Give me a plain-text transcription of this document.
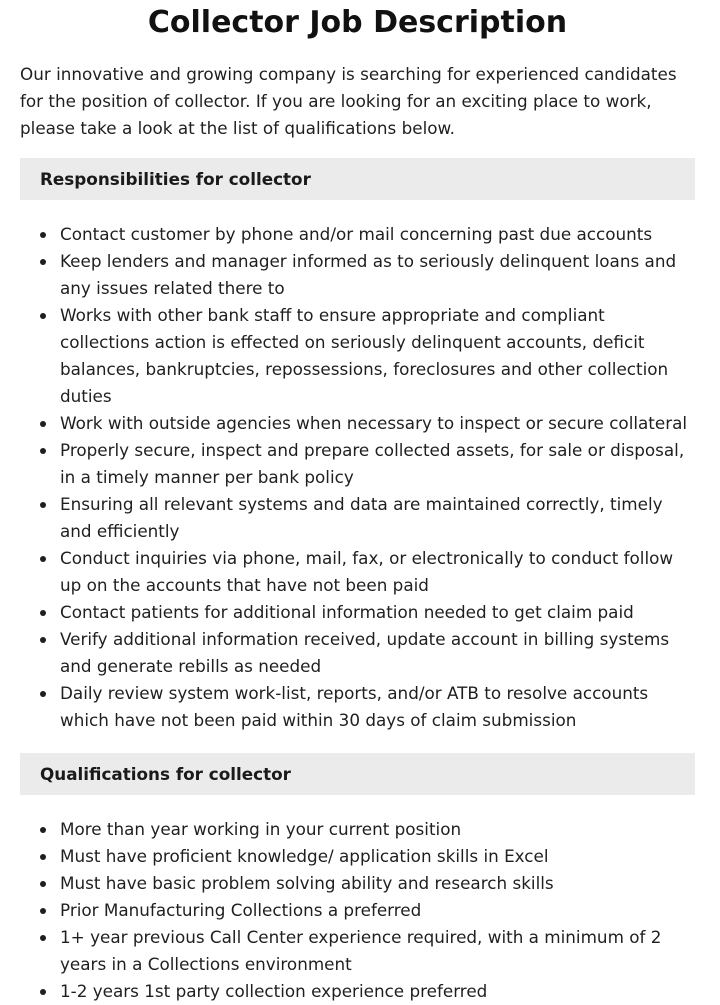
Collector Job Description

Our innovative and growing company is searching for experienced candidates for the position of collector. If you are looking for an exciting place to work, please take a look at the list of qualifications below.

Responsibilities for collector
Contact customer by phone and/or mail concerning past due accounts
Keep lenders and manager informed as to seriously delinquent loans and any issues related there to
Works with other bank staff to ensure appropriate and compliant collections action is effected on seriously delinquent accounts, deficit balances, bankruptcies, repossessions, foreclosures and other collection duties
Work with outside agencies when necessary to inspect or secure collateral
Properly secure, inspect and prepare collected assets, for sale or disposal, in a timely manner per bank policy
Ensuring all relevant systems and data are maintained correctly, timely and efficiently
Conduct inquiries via phone, mail, fax, or electronically to conduct follow up on the accounts that have not been paid
Contact patients for additional information needed to get claim paid
Verify additional information received, update account in billing systems and generate rebills as needed
Daily review system work-list, reports, and/or ATB to resolve accounts which have not been paid within 30 days of claim submission
Qualifications for collector
More than year working in your current position
Must have proficient knowledge/ application skills in Excel
Must have basic problem solving ability and research skills
Prior Manufacturing Collections a preferred
1+ year previous Call Center experience required, with a minimum of 2 years in a Collections environment
1-2 years 1st party collection experience preferred
